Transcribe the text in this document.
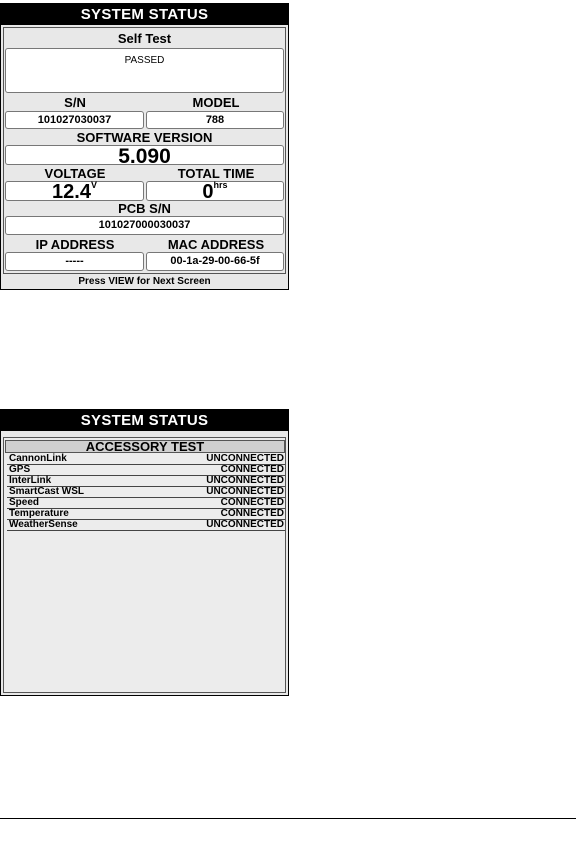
SYSTEM STATUS
Self Test
PASSED
S/N	MODEL
101027030037	788
SOFTWARE VERSION
5.090
VOLTAGE	TOTAL TIME
$12.4^V$	$0^{hrs}$
PCB S/N
101027000030037
IP ADDRESS	MAC ADDRESS
-----	00-1a-29-00-66-5f
Press VIEW for Next Screen
SYSTEM STATUS
ACCESSORY TEST
CannonLink	UNCONNECTED
GPS	CONNECTED
InterLink	UNCONNECTED
SmartCast WSL	UNCONNECTED
Speed	CONNECTED
Temperature	CONNECTED
WeatherSense	UNCONNECTED
